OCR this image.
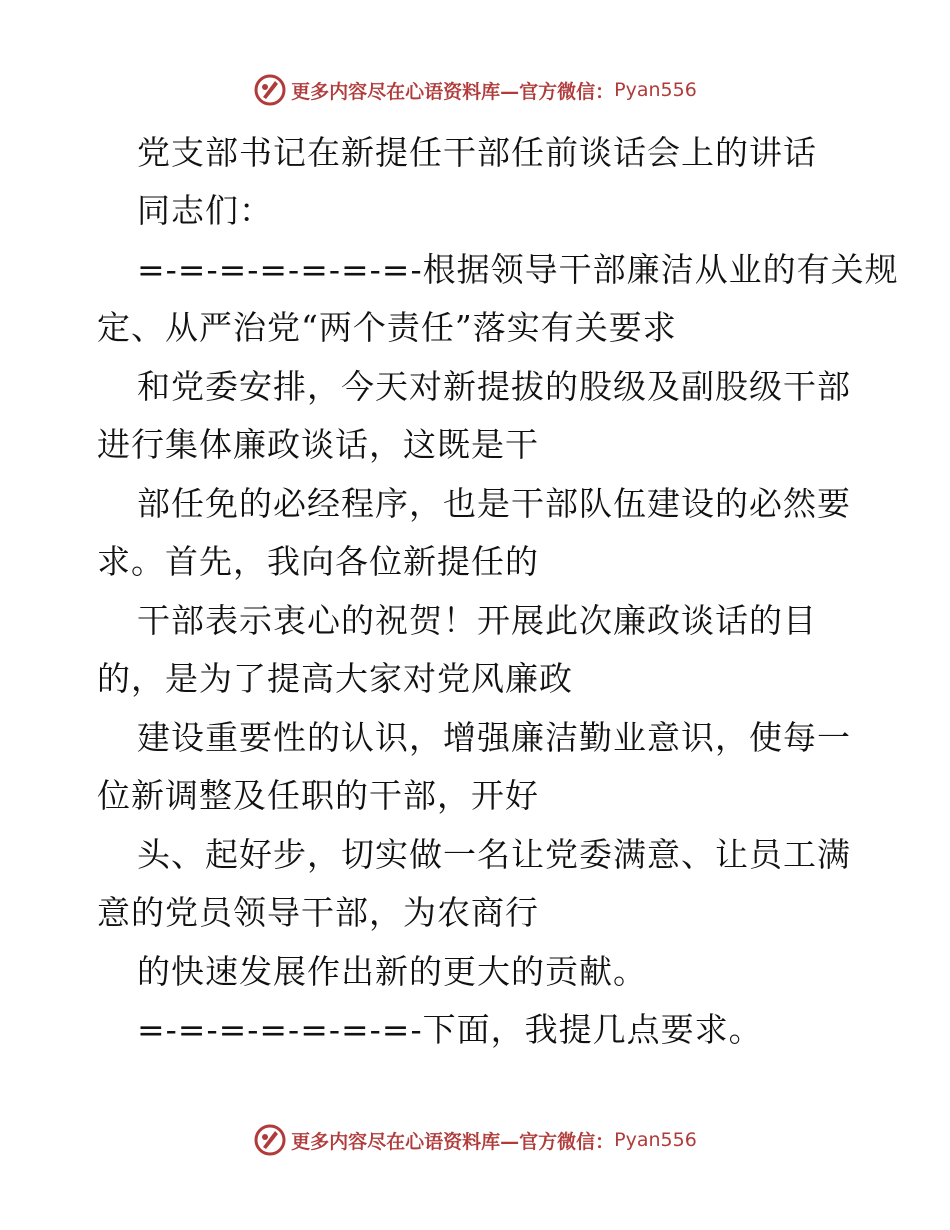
更多内容尽在心语资料库—官方微信： Pyan556
党支部书记在新提任干部任前谈话会上的讲话
同志们：
=-=-=-=-=-=-=-根据领导干部廉洁从业的有关规
定、从严治党“两个责任”落实有关要求
和党委安排，今天对新提拔的股级及副股级干部
进行集体廉政谈话，这既是干
部任免的必经程序，也是干部队伍建设的必然要
求。首先，我向各位新提任的
干部表示衷心的祝贺！开展此次廉政谈话的目
的，是为了提高大家对党风廉政
建设重要性的认识，增强廉洁勤业意识，使每一
位新调整及任职的干部，开好
头、起好步，切实做一名让党委满意、让员工满
意的党员领导干部，为农商行
的快速发展作出新的更大的贡献。
=-=-=-=-=-=-=-下面，我提几点要求。
更多内容尽在心语资料库—官方微信： Pyan556
